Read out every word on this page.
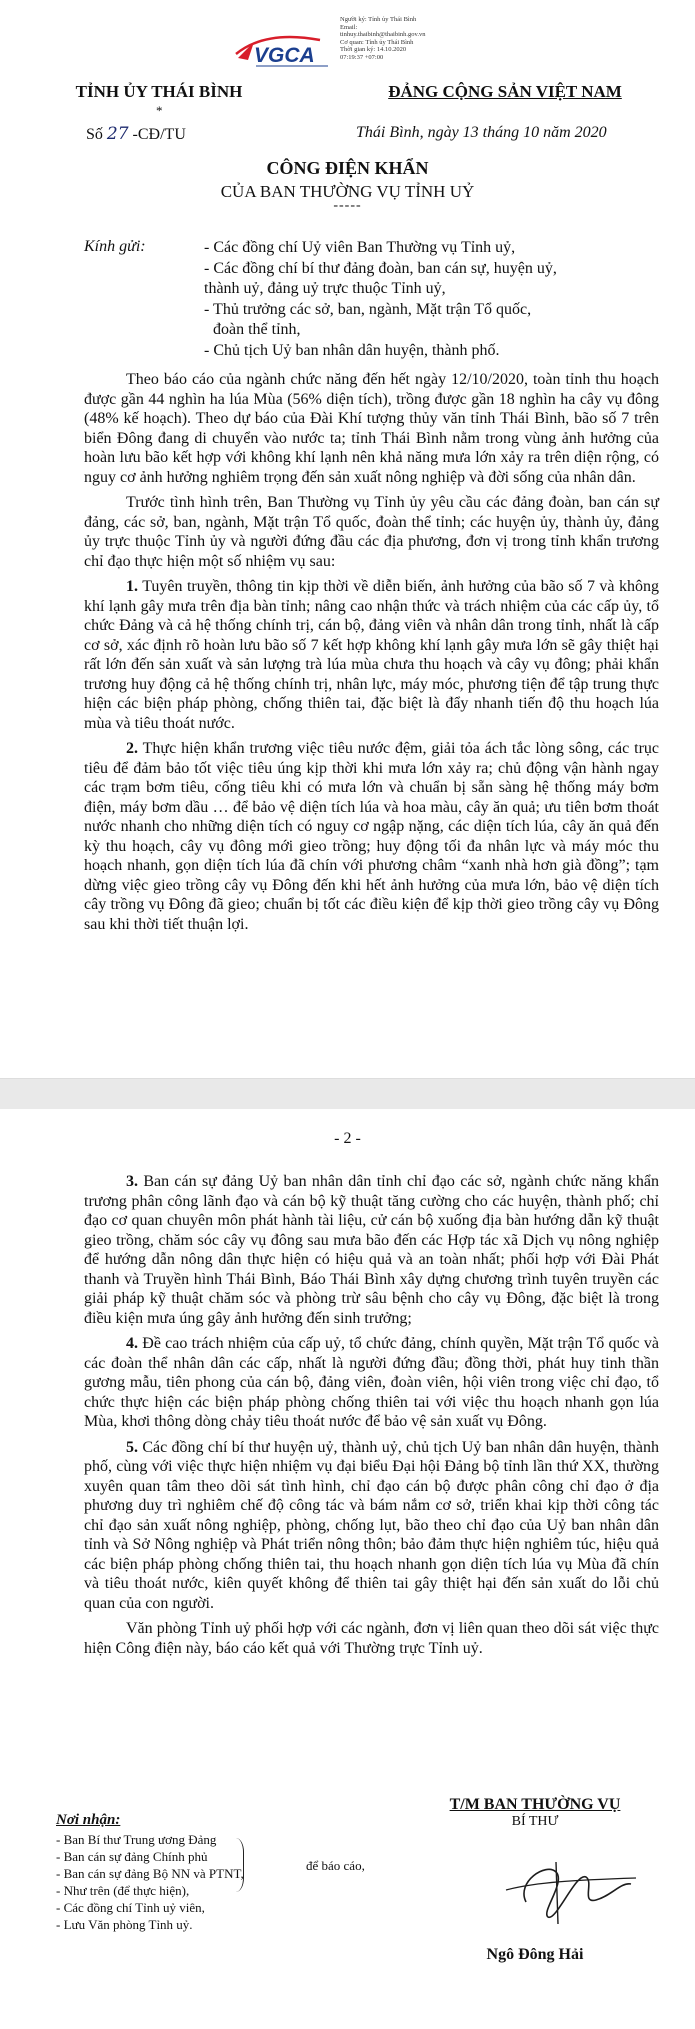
VGCA
Người ký: Tỉnh ủy Thái Bình
Email:
tinhuy.thaibinh@thaibinh.gov.vn
Cơ quan: Tỉnh ủy Thái Bình
Thời gian ký: 14.10.2020 07:19:37 +07:00
TỈNH ỦY THÁI BÌNH
*
ĐẢNG CỘNG SẢN VIỆT NAM
Số 27 -CĐ/TU	Thái Bình, ngày 13 tháng 10 năm 2020
CÔNG ĐIỆN KHẨN
CỦA BAN THƯỜNG VỤ TỈNH UỶ
-----
Kính gửi:	- Các đồng chí Uỷ viên Ban Thường vụ Tỉnh uỷ,
- Các đồng chí bí thư đảng đoàn, ban cán sự, huyện uỷ,
thành uỷ, đảng uỷ trực thuộc Tỉnh uỷ,
- Thủ trưởng các sở, ban, ngành, Mặt trận Tổ quốc,
đoàn thể tỉnh,
- Chủ tịch Uỷ ban nhân dân huyện, thành phố.

Theo báo cáo của ngành chức năng đến hết ngày 12/10/2020, toàn tỉnh thu hoạch được gần 44 nghìn ha lúa Mùa (56% diện tích), trồng được gần 18 nghìn ha cây vụ đông (48% kế hoạch). Theo dự báo của Đài Khí tượng thủy văn tỉnh Thái Bình, bão số 7 trên biển Đông đang di chuyển vào nước ta; tỉnh Thái Bình nằm trong vùng ảnh hưởng của hoàn lưu bão kết hợp với không khí lạnh nên khả năng mưa lớn xảy ra trên diện rộng, có nguy cơ ảnh hưởng nghiêm trọng đến sản xuất nông nghiệp và đời sống của nhân dân.

Trước tình hình trên, Ban Thường vụ Tỉnh ủy yêu cầu các đảng đoàn, ban cán sự đảng, các sở, ban, ngành, Mặt trận Tổ quốc, đoàn thể tỉnh; các huyện ủy, thành ủy, đảng ủy trực thuộc Tỉnh ủy và người đứng đầu các địa phương, đơn vị trong tỉnh khẩn trương chỉ đạo thực hiện một số nhiệm vụ sau:

1. Tuyên truyền, thông tin kịp thời về diễn biến, ảnh hưởng của bão số 7 và không khí lạnh gây mưa trên địa bàn tỉnh; nâng cao nhận thức và trách nhiệm của các cấp ủy, tổ chức Đảng và cả hệ thống chính trị, cán bộ, đảng viên và nhân dân trong tỉnh, nhất là cấp cơ sở, xác định rõ hoàn lưu bão số 7 kết hợp không khí lạnh gây mưa lớn sẽ gây thiệt hại rất lớn đến sản xuất và sản lượng trà lúa mùa chưa thu hoạch và cây vụ đông; phải khẩn trương huy động cả hệ thống chính trị, nhân lực, máy móc, phương tiện để tập trung thực hiện các biện pháp phòng, chống thiên tai, đặc biệt là đẩy nhanh tiến độ thu hoạch lúa mùa và tiêu thoát nước.

2. Thực hiện khẩn trương việc tiêu nước đệm, giải tỏa ách tắc lòng sông, các trục tiêu để đảm bảo tốt việc tiêu úng kịp thời khi mưa lớn xảy ra; chủ động vận hành ngay các trạm bơm tiêu, cống tiêu khi có mưa lớn và chuẩn bị sẵn sàng hệ thống máy bơm điện, máy bơm dầu … để bảo vệ diện tích lúa và hoa màu, cây ăn quả; ưu tiên bơm thoát nước nhanh cho những diện tích có nguy cơ ngập nặng, các diện tích lúa, cây ăn quả đến kỳ thu hoạch, cây vụ đông mới gieo trồng; huy động tối đa nhân lực và máy móc thu hoạch nhanh, gọn diện tích lúa đã chín với phương châm “xanh nhà hơn già đồng”; tạm dừng việc gieo trồng cây vụ Đông đến khi hết ảnh hưởng của mưa lớn, bảo vệ diện tích cây trồng vụ Đông đã gieo; chuẩn bị tốt các điều kiện để kịp thời gieo trồng cây vụ Đông sau khi thời tiết thuận lợi.

- 2 -

3. Ban cán sự đảng Uỷ ban nhân dân tỉnh chỉ đạo các sở, ngành chức năng khẩn trương phân công lãnh đạo và cán bộ kỹ thuật tăng cường cho các huyện, thành phố; chỉ đạo cơ quan chuyên môn phát hành tài liệu, cử cán bộ xuống địa bàn hướng dẫn kỹ thuật gieo trồng, chăm sóc cây vụ đông sau mưa bão đến các Hợp tác xã Dịch vụ nông nghiệp để hướng dẫn nông dân thực hiện có hiệu quả và an toàn nhất; phối hợp với Đài Phát thanh và Truyền hình Thái Bình, Báo Thái Bình xây dựng chương trình tuyên truyền các giải pháp kỹ thuật chăm sóc và phòng trừ sâu bệnh cho cây vụ Đông, đặc biệt là trong điều kiện mưa úng gây ảnh hưởng đến sinh trưởng;

4. Đề cao trách nhiệm của cấp uỷ, tổ chức đảng, chính quyền, Mặt trận Tổ quốc và các đoàn thể nhân dân các cấp, nhất là người đứng đầu; đồng thời, phát huy tinh thần gương mẫu, tiên phong của cán bộ, đảng viên, đoàn viên, hội viên trong việc chỉ đạo, tổ chức thực hiện các biện pháp phòng chống thiên tai với việc thu hoạch nhanh gọn lúa Mùa, khơi thông dòng chảy tiêu thoát nước để bảo vệ sản xuất vụ Đông.

5. Các đồng chí bí thư huyện uỷ, thành uỷ, chủ tịch Uỷ ban nhân dân huyện, thành phố, cùng với việc thực hiện nhiệm vụ đại biểu Đại hội Đảng bộ tỉnh lần thứ XX, thường xuyên quan tâm theo dõi sát tình hình, chỉ đạo cán bộ được phân công chỉ đạo ở địa phương duy trì nghiêm chế độ công tác và bám nắm cơ sở, triển khai kịp thời công tác chỉ đạo sản xuất nông nghiệp, phòng, chống lụt, bão theo chỉ đạo của Uỷ ban nhân dân tỉnh và Sở Nông nghiệp và Phát triển nông thôn; bảo đảm thực hiện nghiêm túc, hiệu quả các biện pháp phòng chống thiên tai, thu hoạch nhanh gọn diện tích lúa vụ Mùa đã chín và tiêu thoát nước, kiên quyết không để thiên tai gây thiệt hại đến sản xuất do lỗi chủ quan của con người.

Văn phòng Tỉnh uỷ phối hợp với các ngành, đơn vị liên quan theo dõi sát việc thực hiện Công điện này, báo cáo kết quả với Thường trực Tỉnh uỷ.

Nơi nhận:
- Ban Bí thư Trung ương Đảng
- Ban cán sự đảng Chính phủ
- Ban cán sự đảng Bộ NN và PTNT,
- Như trên (để thực hiện),
- Các đồng chí Tỉnh uỷ viên,
- Lưu Văn phòng Tỉnh uỷ.
để báo cáo,
T/M BAN THƯỜNG VỤ
BÍ THƯ
Ngô Đông Hải
